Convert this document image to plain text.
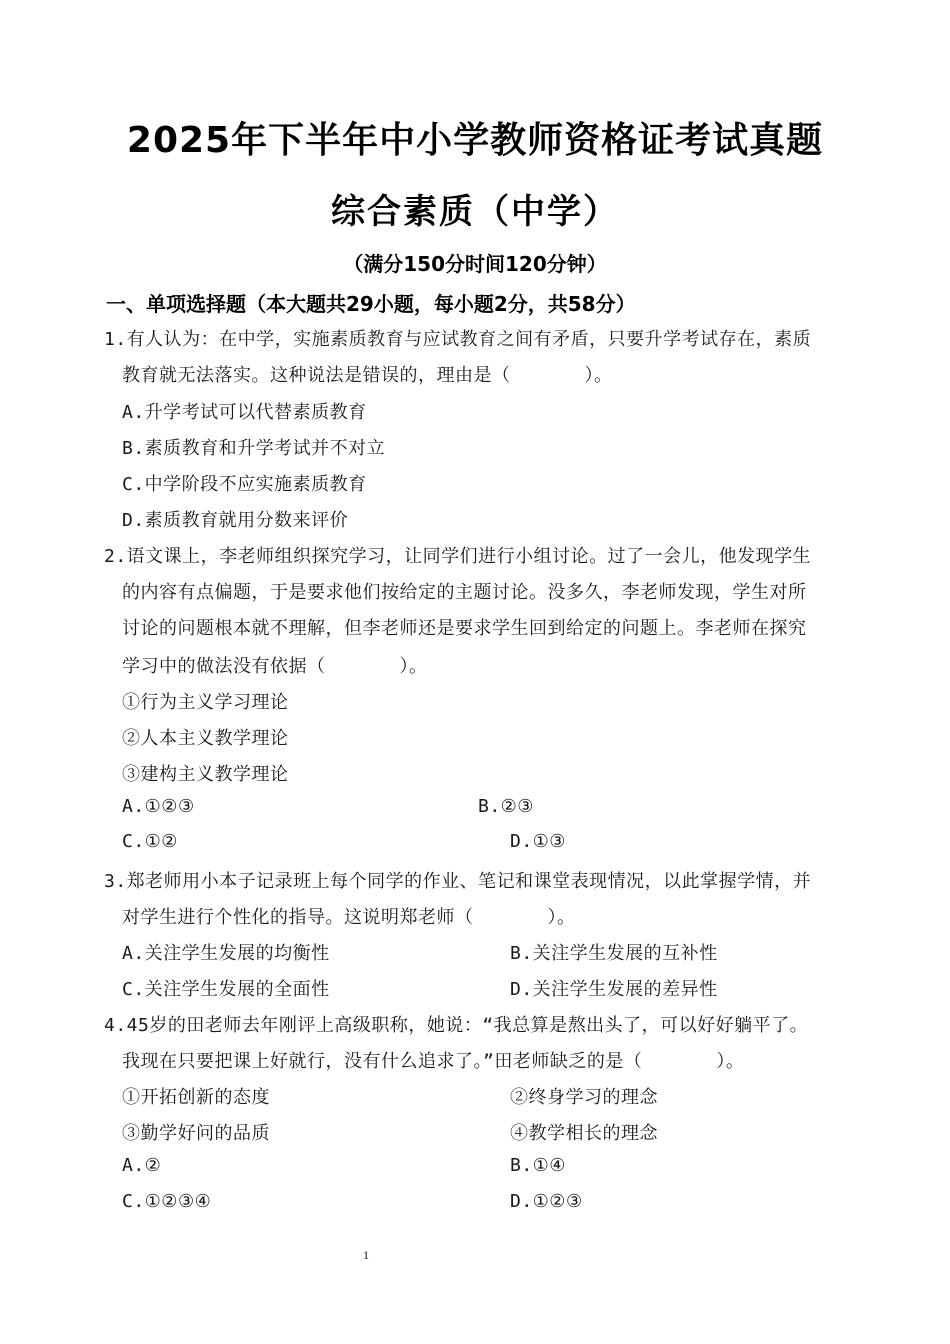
2025年下半年中小学教师资格证考试真题
综合素质（中学）
（满分150分时间120分钟）
一、单项选择题（本大题共29小题，每小题2分，共58分）
1.有人认为：在中学，实施素质教育与应试教育之间有矛盾，只要升学考试存在，素质
教育就无法落实。这种说法是错误的，理由是（　　　　）。
A.升学考试可以代替素质教育
B.素质教育和升学考试并不对立
C.中学阶段不应实施素质教育
D.素质教育就用分数来评价
2.语文课上，李老师组织探究学习，让同学们进行小组讨论。过了一会儿，他发现学生
的内容有点偏题，于是要求他们按给定的主题讨论。没多久，李老师发现，学生对所
讨论的问题根本就不理解，但李老师还是要求学生回到给定的问题上。李老师在探究
学习中的做法没有依据（　　　　）。
①行为主义学习理论
②人本主义教学理论
③建构主义教学理论
A.①②③	B.②③
C.①②	D.①③
3.郑老师用小本子记录班上每个同学的作业、笔记和课堂表现情况，以此掌握学情，并
对学生进行个性化的指导。这说明郑老师（　　　　）。
A.关注学生发展的均衡性	B.关注学生发展的互补性
C.关注学生发展的全面性	D.关注学生发展的差异性
4.45岁的田老师去年刚评上高级职称，她说：“我总算是熬出头了，可以好好躺平了。
我现在只要把课上好就行，没有什么追求了。”田老师缺乏的是（　　　　）。
①开拓创新的态度	②终身学习的理念
③勤学好问的品质	④教学相长的理念
A.②	B.①④
C.①②③④	D.①②③
1
